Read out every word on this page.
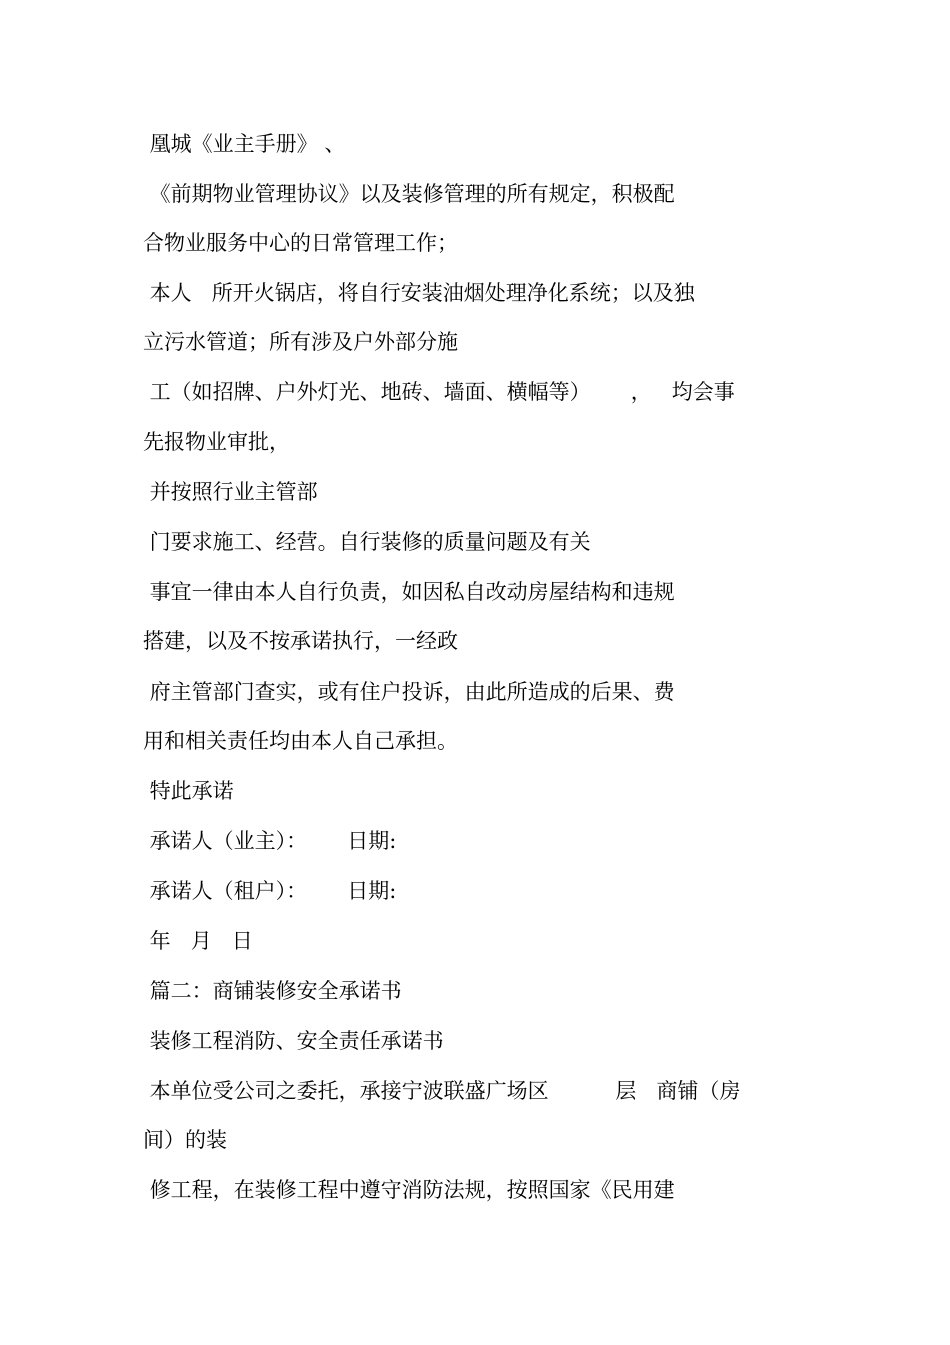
凰城《业主手册》 、
《前期物业管理协议》以及装修管理的所有规定，积极配
合物业服务中心的日常管理工作；
本人   所开火锅店，将自行安装油烟处理净化系统；以及独
立污水管道；所有涉及户外部分施
工（如招牌、户外灯光、地砖、墙面、横幅等）      ，   均会事
先报物业审批，
并按照行业主管部
门要求施工、经营。自行装修的质量问题及有关
事宜一律由本人自行负责，如因私自改动房屋结构和违规
搭建，以及不按承诺执行，一经政
府主管部门查实，或有住户投诉，由此所造成的后果、费
用和相关责任均由本人自己承担。
特此承诺
承诺人（业主）：      日期:
承诺人（租户）：      日期:
年   月   日
篇二：商铺装修安全承诺书
装修工程消防、安全责任承诺书
本单位受公司之委托，承接宁波联盛广场区          层   商铺（房
间）的装
修工程，在装修工程中遵守消防法规，按照国家《民用建
